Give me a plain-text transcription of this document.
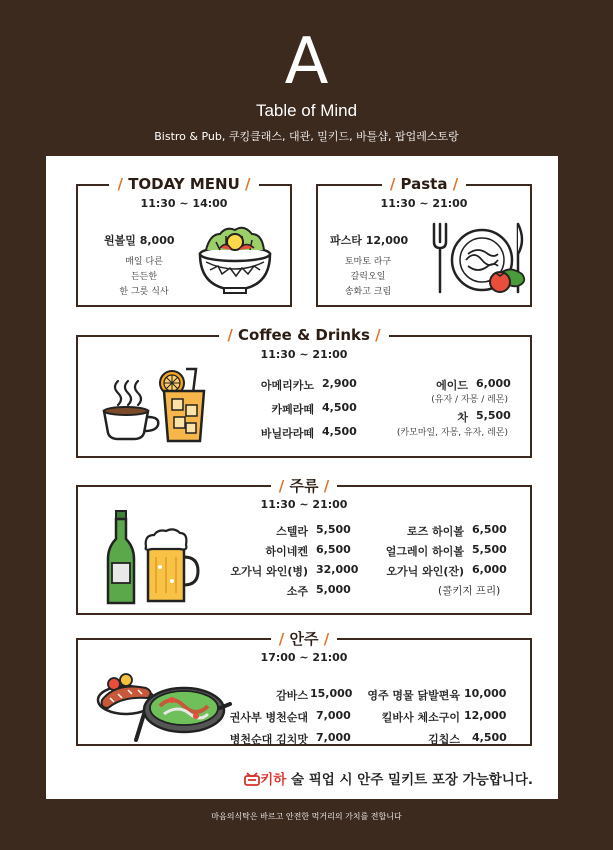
A
Table of Mind
Bistro & Pub, 쿠킹클래스, 대관, 밀키드, 바틀샵, 팝업레스토랑
/ TODAY MENU /
11:30 ~ 14:00
원볼밀 8,000
매일 다른
든든한
한 그릇 식사
/ Pasta /
11:30 ~ 21:00
파스타 12,000
토마토 라구
갈릭오일
송화고 크림
/ Coffee & Drinks /
11:30 ~ 21:00
아메리카노 2,900
카페라떼 4,500
바닐라라떼 4,500
에이드 6,000
(유자 / 자몽 / 레몬)
차 5,500
(카모마일, 자몽, 유자, 레몬)
/ 주류 /
11:30 ~ 21:00
스텔라 5,500
하이네켄 6,500
오가닉 와인(병) 32,000
소주 5,000
로즈 하이볼 6,500
얼그레이 하이볼 5,500
오가닉 와인(잔) 6,000
(콜키지 프리)
/ 안주 /
17:00 ~ 21:00
감바스 15,000
권사부 병천순대 7,000
병천순대 김치맛 7,000
영주 명물 닭발편육 10,000
킬바사 체소구이 12,000
김칩스 4,500
키하 술 픽업 시 안주 밀키트 포장 가능합니다.
마음의식탁은 바르고 안전한 먹거리의 가치를 전합니다
